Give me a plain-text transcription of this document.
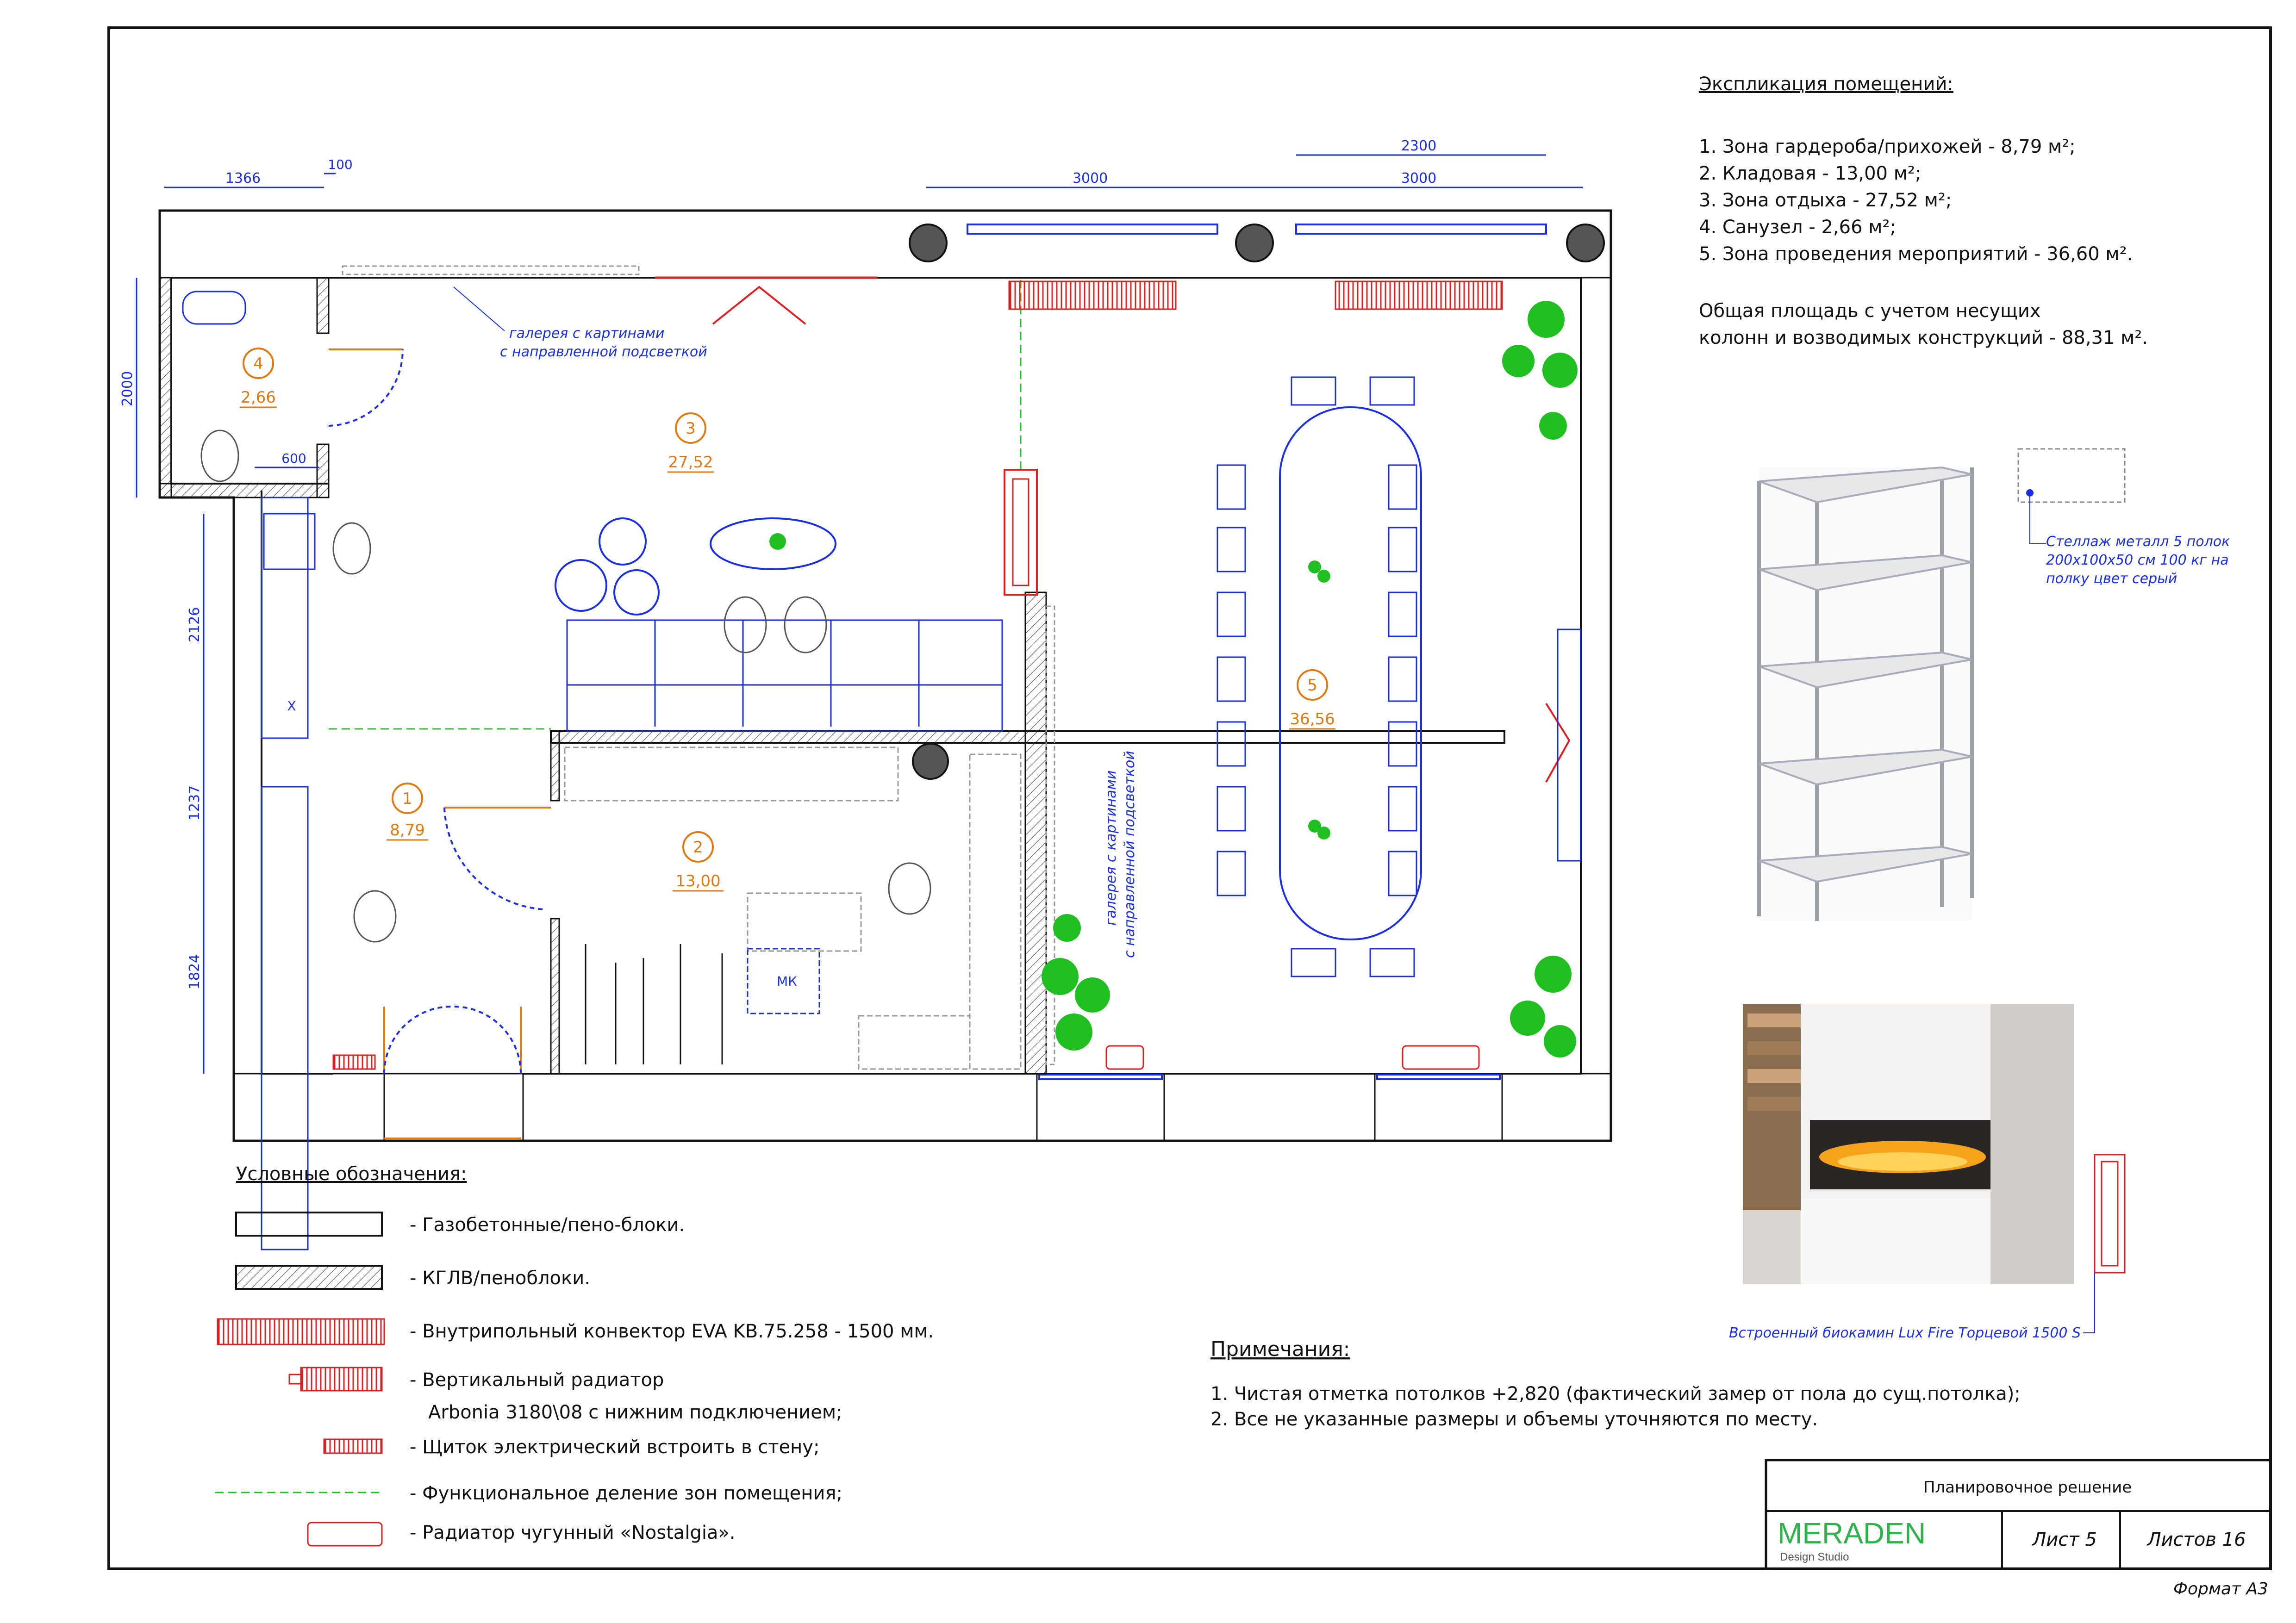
МК
X
4
2,66
3
27,52
5
36,56
1
8,79
2
13,00
галерея с картинами
с направленной подсветкой
галерея с картинами с направленной подсветкой
1366
100
3000
2300
3000
2000
2126
1237
1824
600
Экспликация помещений:
1. Зона гардероба/прихожей - 8,79 м²;
2. Кладовая - 13,00 м²;
3. Зона отдыха - 27,52 м²;
4. Санузел - 2,66 м²;
5. Зона проведения мероприятий - 36,60 м².
Общая площадь с учетом несущих
колонн и возводимых конструкций - 88,31 м².
Стеллаж металл 5 полок
200x100x50 см 100 кг на
полку цвет серый
Встроенный биокамин Lux Fire Торцевой 1500 S
Условные обозначения:
- Газобетонные/пено-блоки.
- КГЛВ/пеноблоки.
- Внутрипольный конвектор EVA KB.75.258 - 1500 мм.
- Вертикальный радиатор
Arbonia 3180\08 с нижним подключением;
- Щиток электрический встроить в стену;
- Функциональное деление зон помещения;
- Радиатор чугунный «Nostalgia».
Примечания:
1. Чистая отметка потолков +2,820 (фактический замер от пола до сущ.потолка);
2. Все не указанные размеры и объемы уточняются по месту.
Планировочное решение
MERADEN
Design Studio
Лист 5	Листов 16
Формат А3
